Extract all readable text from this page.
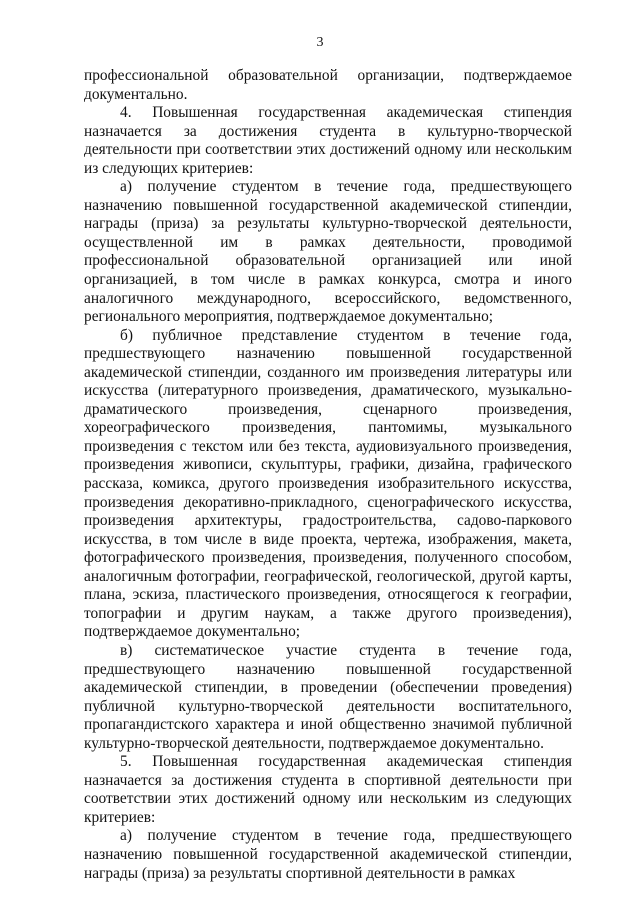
3

профессиональной образовательной организации, подтверждаемое документально.

4. Повышенная государственная академическая стипендия назначается за достижения студента в культурно-творческой деятельности при соответствии этих достижений одному или нескольким из следующих критериев:

а) получение студентом в течение года, предшествующего назначению повышенной государственной академической стипендии, награды (приза) за результаты культурно-творческой деятельности, осуществленной им в рамках деятельности, проводимой профессиональной образовательной организацией или иной организацией, в том числе в рамках конкурса, смотра и иного аналогичного международного, всероссийского, ведомственного, регионального мероприятия, подтверждаемое документально;

б) публичное представление студентом в течение года, предшествующего назначению повышенной государственной академической стипендии, созданного им произведения литературы или искусства (литературного произведения, драматического, музыкально-драматического произведения, сценарного произведения, хореографического произведения, пантомимы, музыкального произведения с текстом или без текста, аудиовизуального произведения, произведения живописи, скульптуры, графики, дизайна, графического рассказа, комикса, другого произведения изобразительного искусства, произведения декоративно-прикладного, сценографического искусства, произведения архитектуры, градостроительства, садово-паркового искусства, в том числе в виде проекта, чертежа, изображения, макета, фотографического произведения, произведения, полученного способом, аналогичным фотографии, географической, геологической, другой карты, плана, эскиза, пластического произведения, относящегося к географии, топографии и другим наукам, а также другого произведения), подтверждаемое документально;

в) систематическое участие студента в течение года, предшествующего назначению повышенной государственной академической стипендии, в проведении (обеспечении проведения) публичной культурно-творческой деятельности воспитательного, пропагандистского характера и иной общественно значимой публичной культурно-творческой деятельности, подтверждаемое документально.

5. Повышенная государственная академическая стипендия назначается за достижения студента в спортивной деятельности при соответствии этих достижений одному или нескольким из следующих критериев:

а) получение студентом в течение года, предшествующего назначению повышенной государственной академической стипендии, награды (приза) за результаты спортивной деятельности в рамках
